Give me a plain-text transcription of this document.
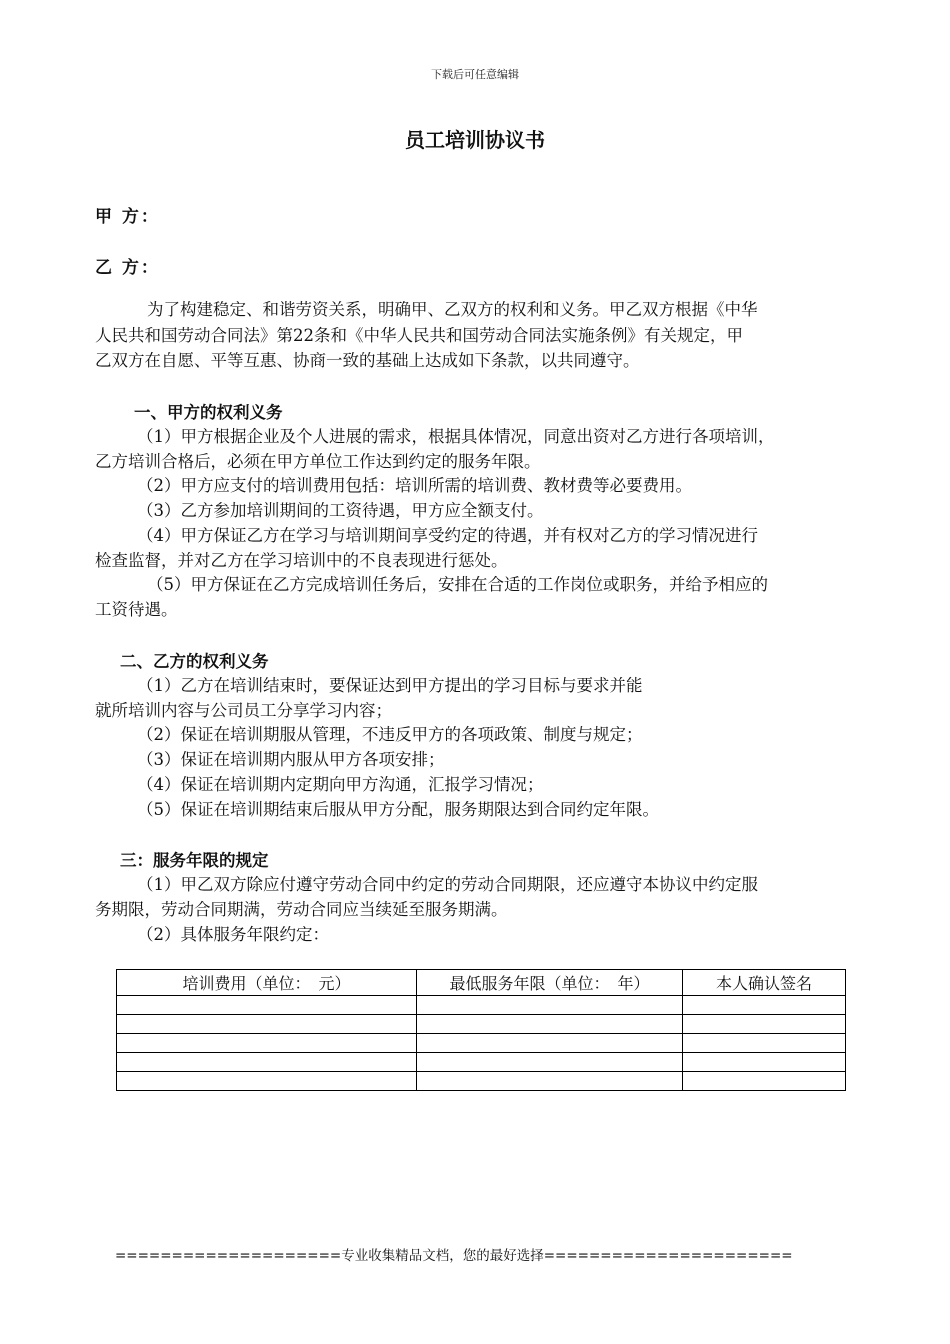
下载后可任意编辑
员工培训协议书
甲 方：
乙 方：
为了构建稳定、和谐劳资关系，明确甲、乙双方的权利和义务。甲乙双方根据《中华
人民共和国劳动合同法》第22条和《中华人民共和国劳动合同法实施条例》有关规定，甲
乙双方在自愿、平等互惠、协商一致的基础上达成如下条款，以共同遵守。
一、甲方的权利义务
（1）甲方根据企业及个人进展的需求，根据具体情况，同意出资对乙方进行各项培训，
乙方培训合格后，必须在甲方单位工作达到约定的服务年限。
（2）甲方应支付的培训费用包括：培训所需的培训费、教材费等必要费用。
（3）乙方参加培训期间的工资待遇，甲方应全额支付。
（4）甲方保证乙方在学习与培训期间享受约定的待遇，并有权对乙方的学习情况进行
检查监督，并对乙方在学习培训中的不良表现进行惩处。
（5）甲方保证在乙方完成培训任务后，安排在合适的工作岗位或职务，并给予相应的
工资待遇。
二、乙方的权利义务
（1）乙方在培训结束时，要保证达到甲方提出的学习目标与要求并能
就所培训内容与公司员工分享学习内容；
（2）保证在培训期服从管理，不违反甲方的各项政策、制度与规定；
（3）保证在培训期内服从甲方各项安排；
（4）保证在培训期内定期向甲方沟通，汇报学习情况；
（5）保证在培训期结束后服从甲方分配，服务期限达到合同约定年限。
三：服务年限的规定
（1）甲乙双方除应付遵守劳动合同中约定的劳动合同期限，还应遵守本协议中约定服
务期限，劳动合同期满，劳动合同应当续延至服务期满。
（2）具体服务年限约定：
培训费用（单位：　元）	最低服务年限（单位：　年）	本人确认签名

====================专业收集精品文档，您的最好选择======================
